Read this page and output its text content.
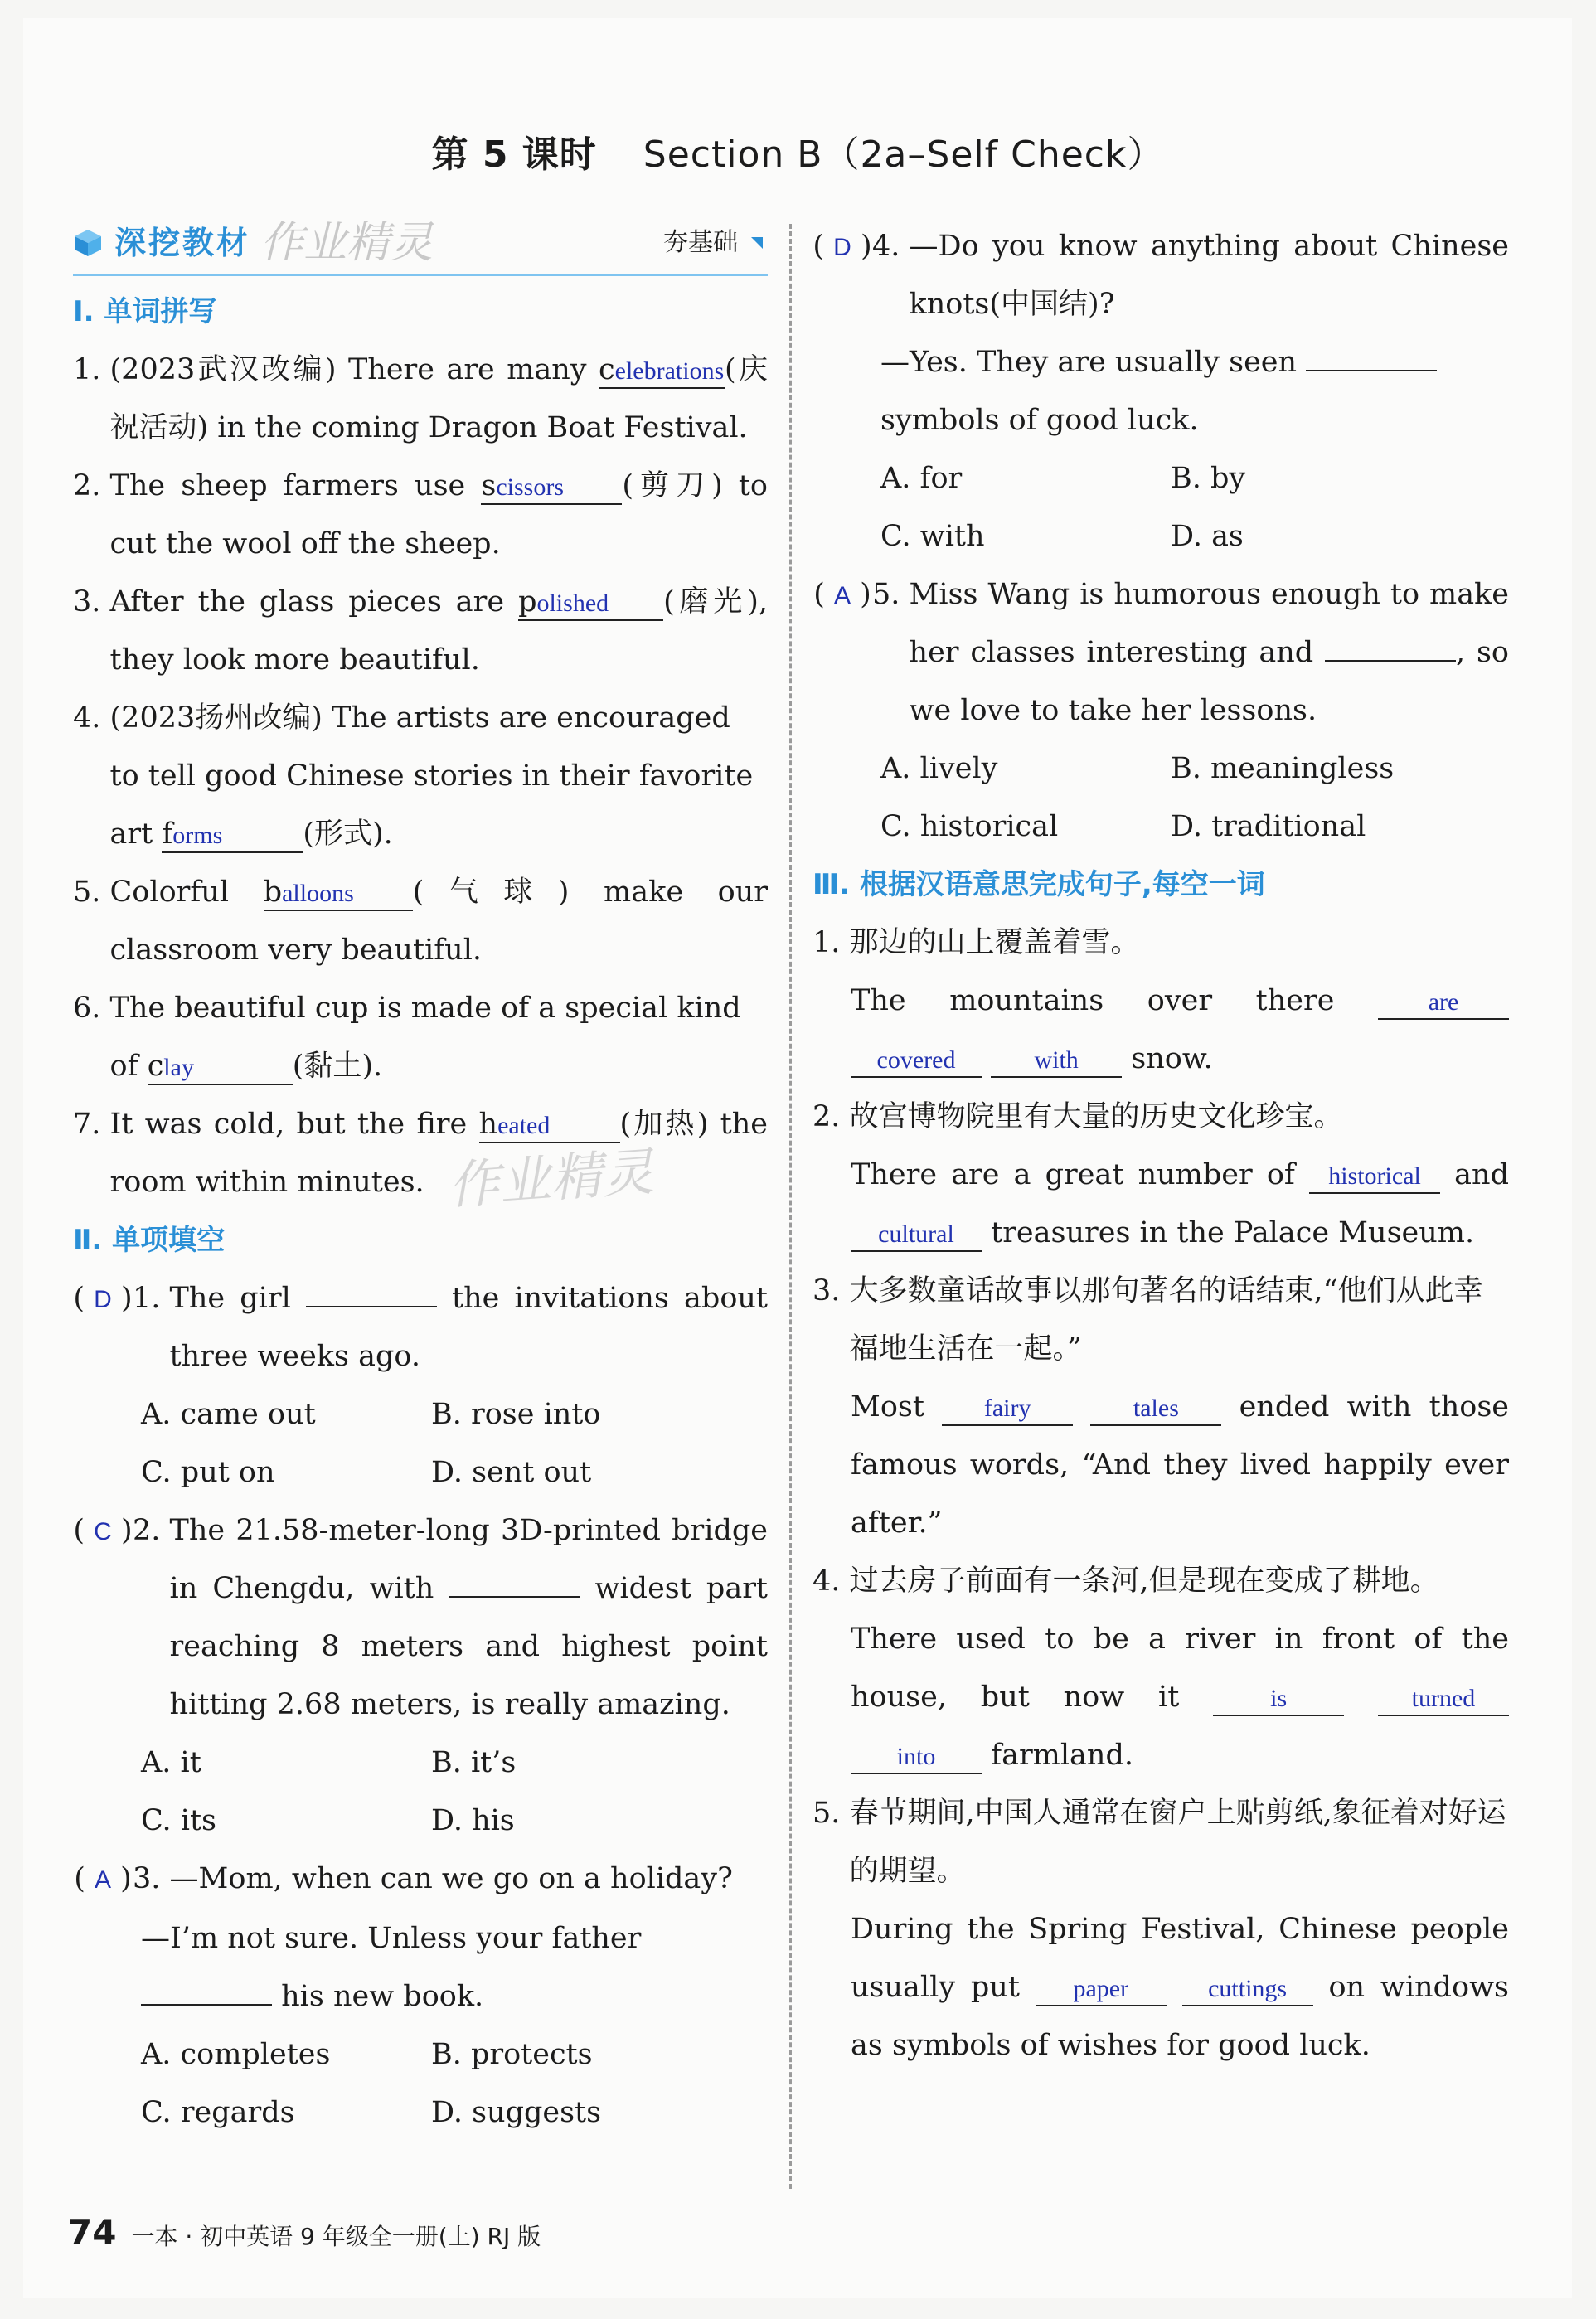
第 5 课时 Section B（2a–Self Check）
深挖教材 作业精灵	夯基础

Ⅰ. 单词拼写

1. (2023武汉改编) There are many celebrations(庆祝活动) in the coming Dragon Boat Festival.
2. The sheep farmers use scissors (剪刀) to cut the wool off the sheep.
3. After the glass pieces are polished (磨光), they look more beautiful.
4. (2023扬州改编) The artists are encouraged to tell good Chinese stories in their favorite art forms	(形式).
5. Colorful balloons (气球) make our classroom very beautiful.
6. The beautiful cup is made of a special kind of clay	(黏土).
7. It was cold, but the fire heated (加热) the room within minutes.

Ⅱ. 单项填空

( D ) 1. The girl	the invitations about three weeks ago.
A. came out	B. rose into
C. put on	D. sent out
( C ) 2. The 21.58-meter-long 3D-printed bridge in Chengdu, with	widest part reaching 8 meters and highest point hitting 2.68 meters, is really amazing.
A. it	B. it’s
C. its	D. his
( A ) 3. —Mom, when can we go on a holiday?

—I’m not sure. Unless your father  his new book.

A. completes	B. protects
C. regards	D. suggests
作业精灵
( D ) 4. —Do you know anything about Chinese knots(中国结)?

—Yes. They are usually seen  symbols of good luck.

A. for	B. by
C. with	D. as
( A ) 5. Miss Wang is humorous enough to make her classes interesting and	, so we love to take her lessons.
A. lively	B. meaningless
C. historical	D. traditional

Ⅲ. 根据汉语意思完成句子,每空一词

1. 那边的山上覆盖着雪。

The mountains over there are covered	with snow.

2. 故宫博物院里有大量的历史文化珍宝。

There are a great number of historical and cultural treasures in the Palace Museum.

3. 大多数童话故事以那句著名的话结束,“他们从此幸福地生活在一起。”

Most fairy	tales ended with those famous words, “And they lived happily ever after.”

4. 过去房子前面有一条河,但是现在变成了耕地。

There used to be a river in front of the house, but now it is	turned into farmland.

5. 春节期间,中国人通常在窗户上贴剪纸,象征着对好运的期望。

During the Spring Festival, Chinese people usually put paper	cuttings on windows as symbols of wishes for good luck.

74 一本 · 初中英语 9 年级全一册(上) RJ 版
